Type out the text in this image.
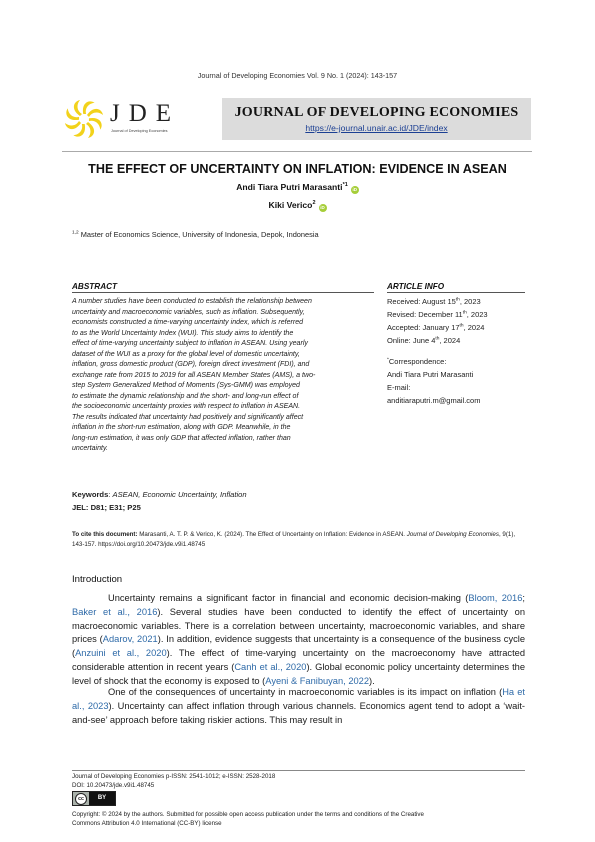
Journal of Developing Economies Vol. 9 No. 1 (2024): 143-157
JDE
Journal of Developing Economies
JOURNAL OF DEVELOPING ECONOMIES
https://e-journal.unair.ac.id/JDE/index
THE EFFECT OF UNCERTAINTY ON INFLATION: EVIDENCE IN ASEAN
Andi Tiara Putri Marasanti$^{*1}$iD
Kiki Verico$^2$iD
$^{1,2}$ Master of Economics Science, University of Indonesia, Depok, Indonesia
ABSTRACT
A number studies have been conducted to establish the relationship between
uncertainty and macroeconomic variables, such as inflation. Subsequently,
economists constructed a time-varying uncertainty index, which is referred
to as the World Uncertainty Index (WUI). This study aims to identify the
effect of time-varying uncertainty subject to inflation in ASEAN. Using yearly
dataset of the WUI as a proxy for the global level of domestic uncertainty,
inflation, gross domestic product (GDP), foreign direct investment (FDI), and
exchange rate from 2015 to 2019 for all ASEAN Member States (AMS), a two-
step System Generalized Method of Moments (Sys-GMM) was employed
to estimate the dynamic relationship and the short- and long-run effect of
the socioeconomic uncertainty proxies with respect to inflation in ASEAN.
The results indicated that uncertainty had positively and significantly affect
inflation in the short-run estimation, along with GDP. Meanwhile, in the
long-run estimation, it was only GDP that affected inflation, rather than
uncertainty.
ARTICLE INFO
Received: August 15th, 2023
Revised: December 11th, 2023
Accepted: January 17th, 2024
Online: June 4th, 2024
*Correspondence:
Andi Tiara Putri Marasanti
E-mail:
anditiaraputri.m@gmail.com
Keywords: ASEAN, Economic Uncertainty, Inflation
JEL: D81; E31; P25
To cite this document: Marasanti, A. T. P. & Verico, K. (2024). The Effect of Uncertainty on Inflation: Evidence in ASEAN. Journal of Developing Economies, 9(1), 143-157. https://doi.org/10.20473/jde.v9i1.48745
Introduction
Uncertainty remains a significant factor in financial and economic decision-making (Bloom, 2016; Baker et al., 2016). Several studies have been conducted to identify the effect of uncertainty on macroeconomic variables. There is a correlation between uncertainty, macroeconomic variables, and share prices (Adarov, 2021). In addition, evidence suggests that uncertainty is a consequence of the business cycle (Anzuini et al., 2020). The effect of time-varying uncertainty on the macroeconomy have attracted considerable attention in recent years (Canh et al., 2020). Global economic policy uncertainty determines the level of shock that the economy is exposed to (Ayeni & Fanibuyan, 2022).
One of the consequences of uncertainty in macroeconomic variables is its impact on inflation (Ha et al., 2023). Uncertainty can affect inflation through various channels. Economics agent tend to adopt a ‘wait-and-see’ approach before taking riskier actions. This may result in
Journal of Developing Economies p-ISSN: 2541-1012; e-ISSN: 2528-2018
DOI: 10.20473/jde.v9i1.48745
cc	BY
Copyright: © 2024 by the authors. Submitted for possible open access publication under the terms and conditions of the Creative
Commons Attribution 4.0 International (CC-BY) license
